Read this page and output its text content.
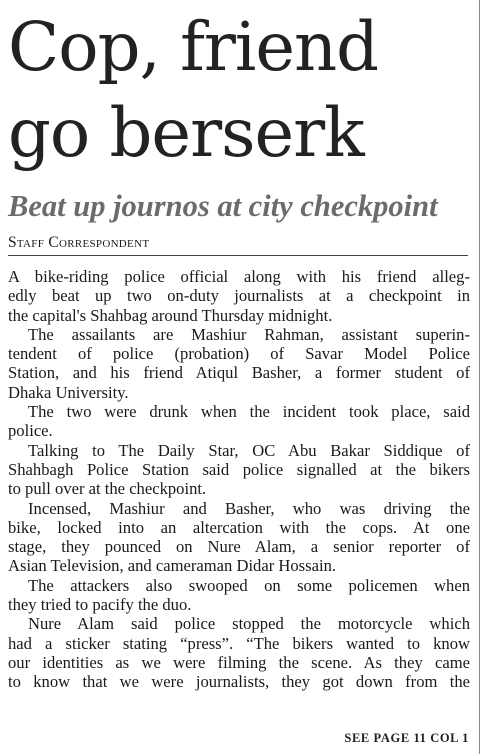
Cop, friend
go berserk
Beat up journos at city checkpoint
Staff Correspondent
A bike-riding police official along with his friend alleg-
edly beat up two on-duty journalists at a checkpoint in
the capital's Shahbag around Thursday midnight.
The assailants are Mashiur Rahman, assistant superin-
tendent of police (probation) of Savar Model Police
Station, and his friend Atiqul Basher, a former student of
Dhaka University.
The two were drunk when the incident took place, said
police.
Talking to The Daily Star, OC Abu Bakar Siddique of
Shahbagh Police Station said police signalled at the bikers
to pull over at the checkpoint.
Incensed, Mashiur and Basher, who was driving the
bike, locked into an altercation with the cops. At one
stage, they pounced on Nure Alam, a senior reporter of
Asian Television, and cameraman Didar Hossain.
The attackers also swooped on some policemen when
they tried to pacify the duo.
Nure Alam said police stopped the motorcycle which
had a sticker stating “press”. “The bikers wanted to know
our identities as we were filming the scene. As they came
to know that we were journalists, they got down from the
SEE PAGE 11 COL 1
